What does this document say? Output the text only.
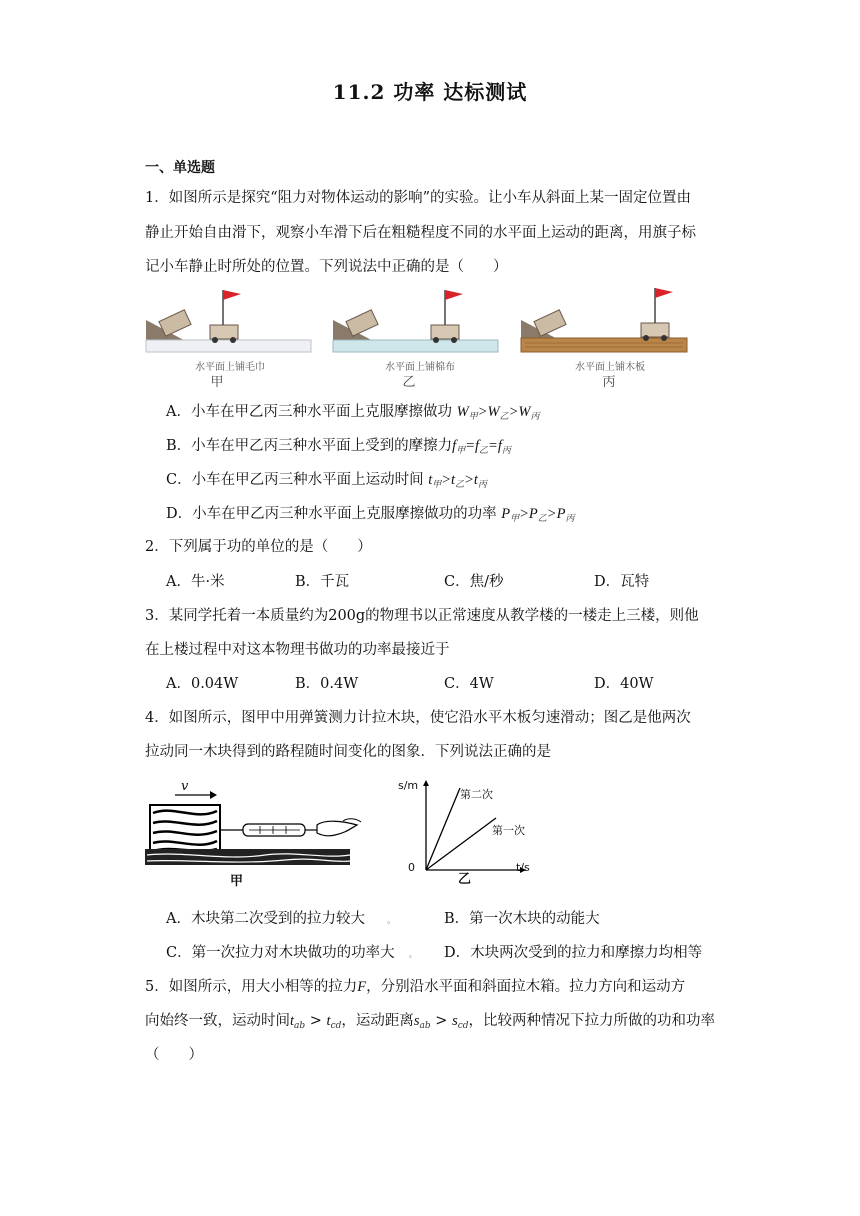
11.2 功率 达标测试
一、单选题
1．如图所示是探究“阻力对物体运动的影响”的实验。让小车从斜面上某一固定位置由
静止开始自由滑下，观察小车滑下后在粗糙程度不同的水平面上运动的距离，用旗子标
记小车静止时所处的位置。下列说法中正确的是（　　）
水平面上铺毛巾	水平面上铺棉布	水平面上铺木板
甲	乙	丙
A．小车在甲乙丙三种水平面上克服摩擦做功 $W_甲>W_乙>W_丙$
B．小车在甲乙丙三种水平面上受到的摩擦力$f_甲=f_乙=f_丙$
C．小车在甲乙丙三种水平面上运动时间 $t_甲>t_乙>t_丙$
D．小车在甲乙丙三种水平面上克服摩擦做功的功率 $P_甲>P_乙>P_丙$
2．下列属于功的单位的是（　　）
A．牛·米	B．千瓦	C．焦/秒	D．瓦特
3．某同学托着一本质量约为200g的物理书以正常速度从教学楼的一楼走上三楼，则他
在上楼过程中对这本物理书做功的功率最接近于
A．0.04W	B．0.4W	C．4W	D．40W
4．如图所示，图甲中用弹簧测力计拉木块，使它沿水平木板匀速滑动；图乙是他两次
拉动同一木块得到的路程随时间变化的图象．下列说法正确的是
v
甲
s/m
第二次
第一次
0	t/s
乙
A．木块第二次受到的拉力较大 。	B．第一次木块的动能大
C．第一次拉力对木块做功的功率大 。 D．木块两次受到的拉力和摩擦力均相等
5．如图所示，用大小相等的拉力F，分别沿水平面和斜面拉木箱。拉力方向和运动方
向始终一致，运动时间$t_{ab} > t_{cd}$，运动距离$s_{ab} > s_{cd}$，比较两种情况下拉力所做的功和功率
（　　）
